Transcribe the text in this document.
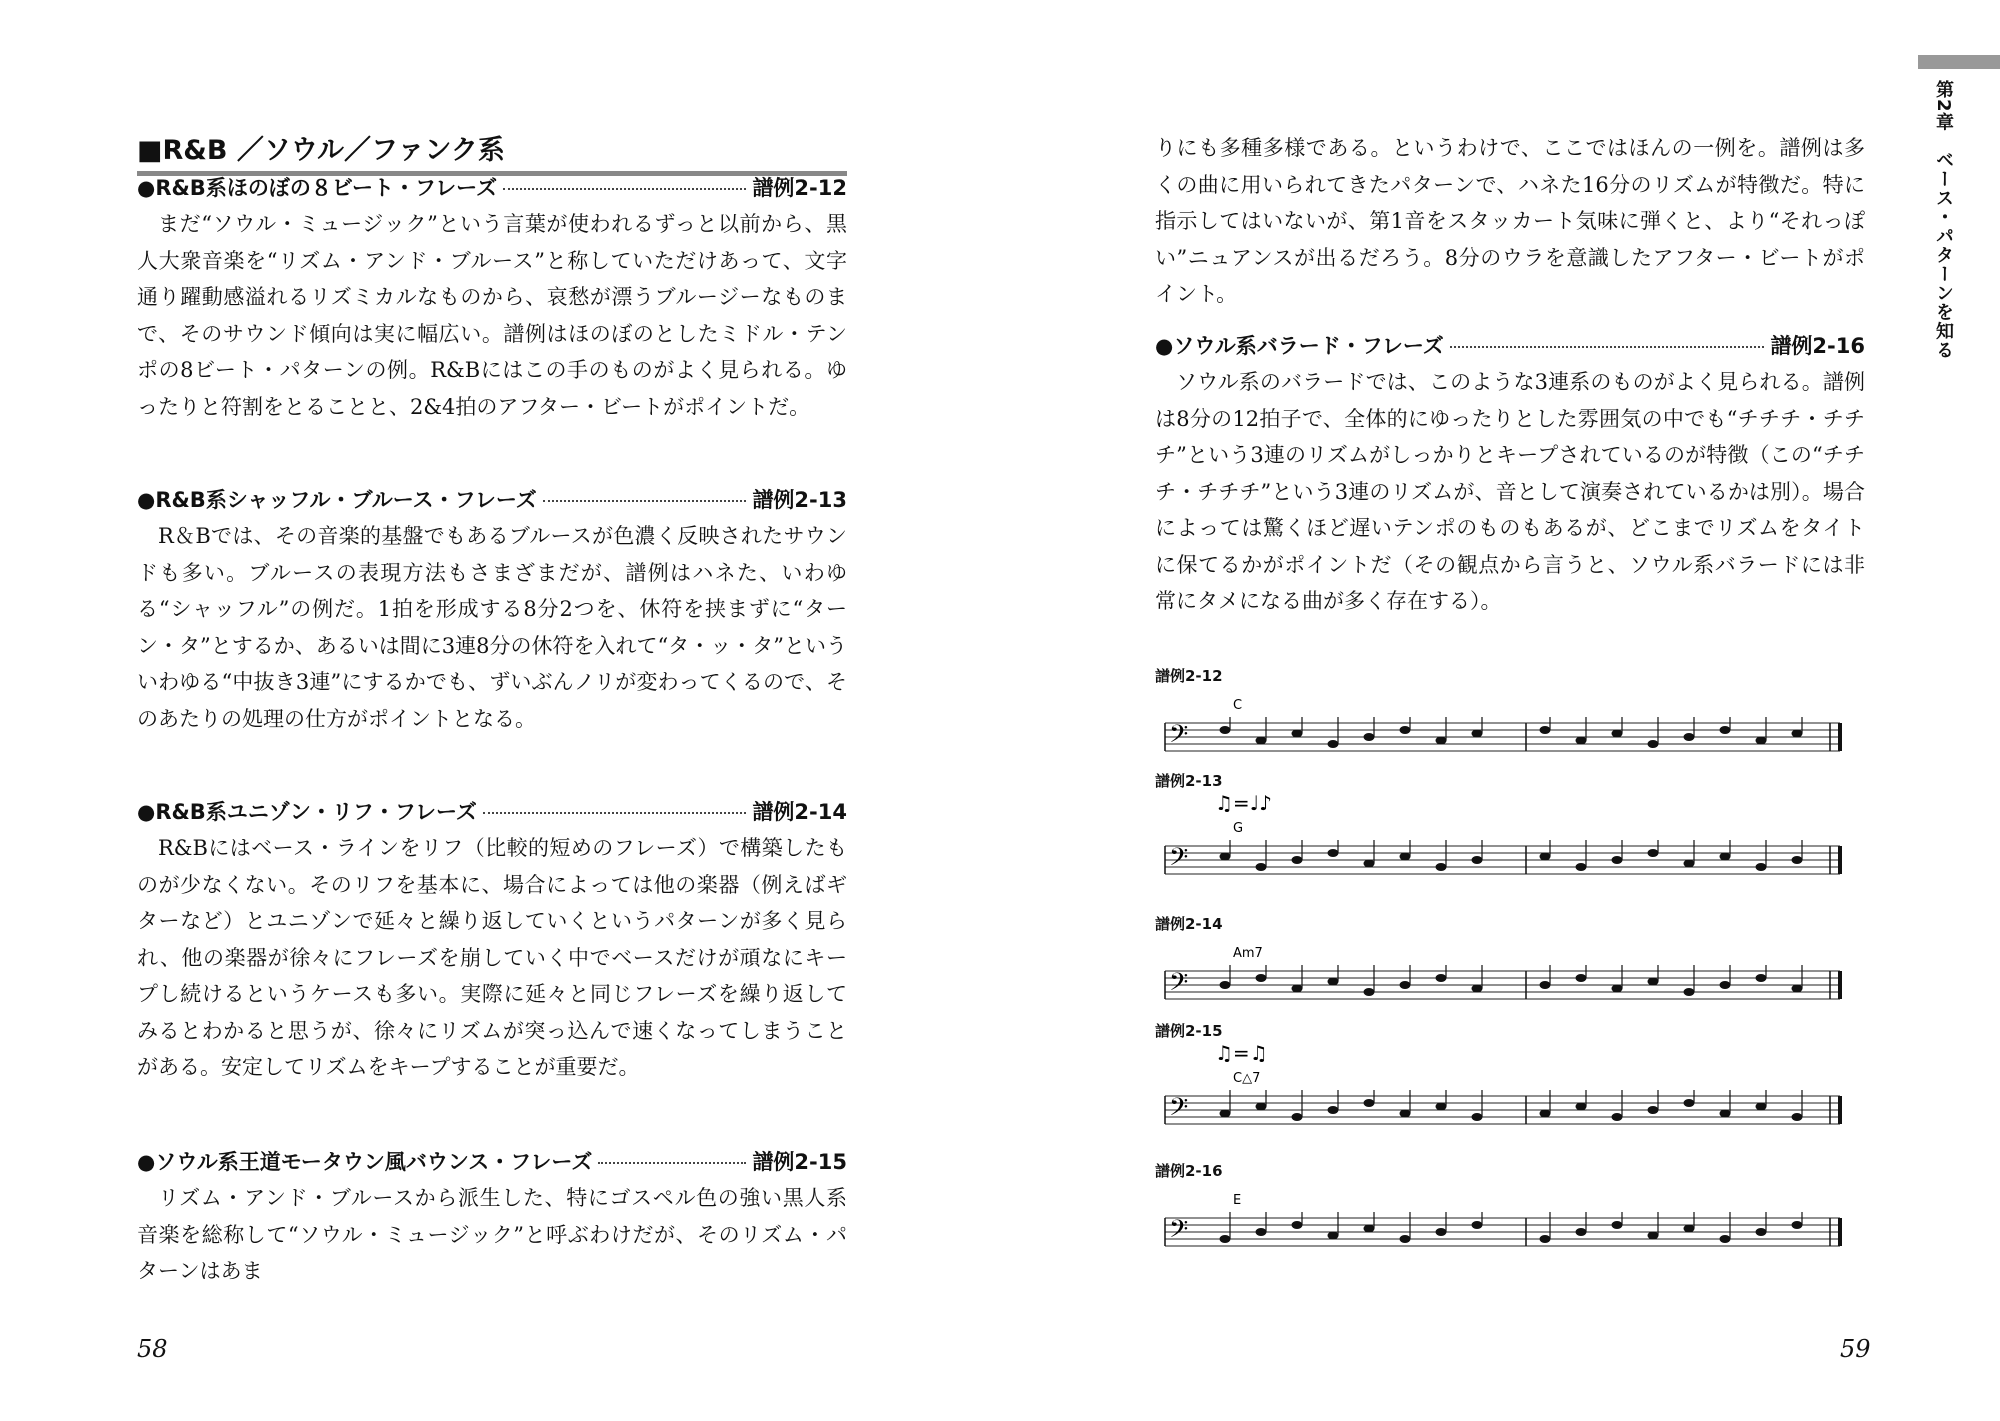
■R&B ／ソウル／ファンク系
●R&B系ほのぼの８ビート・フレーズ	譜例2-12

まだ“ソウル・ミュージック”という言葉が使われるずっと以前から、黒人大衆音楽を“リズム・アンド・ブルース”と称していただけあって、文字通り躍動感溢れるリズミカルなものから、哀愁が漂うブルージーなものまで、そのサウンド傾向は実に幅広い。譜例はほのぼのとしたミドル・テンポの8ビート・パターンの例。R&Bにはこの手のものがよく見られる。ゆったりと符割をとることと、2&4拍のアフター・ビートがポイントだ。

●R&B系シャッフル・ブルース・フレーズ	譜例2-13

R＆Bでは、その音楽的基盤でもあるブルースが色濃く反映されたサウンドも多い。ブルースの表現方法もさまざまだが、譜例はハネた、いわゆる“シャッフル”の例だ。1拍を形成する8分2つを、休符を挟まずに“ターン・タ”とするか、あるいは間に3連8分の休符を入れて“タ・ッ・タ”といういわゆる“中抜き3連”にするかでも、ずいぶんノリが変わってくるので、そのあたりの処理の仕方がポイントとなる。

●R&B系ユニゾン・リフ・フレーズ	譜例2-14

R&Bにはベース・ラインをリフ（比較的短めのフレーズ）で構築したものが少なくない。そのリフを基本に、場合によっては他の楽器（例えばギターなど）とユニゾンで延々と繰り返していくというパターンが多く見られ、他の楽器が徐々にフレーズを崩していく中でベースだけが頑なにキープし続けるというケースも多い。実際に延々と同じフレーズを繰り返してみるとわかると思うが、徐々にリズムが突っ込んで速くなってしまうことがある。安定してリズムをキープすることが重要だ。

●ソウル系王道モータウン風バウンス・フレーズ	譜例2-15

リズム・アンド・ブルースから派生した、特にゴスペル色の強い黒人系音楽を総称して“ソウル・ミュージック”と呼ぶわけだが、そのリズム・パターンはあま

58

りにも多種多様である。というわけで、ここではほんの一例を。譜例は多くの曲に用いられてきたパターンで、ハネた16分のリズムが特徴だ。特に指示してはいないが、第1音をスタッカート気味に弾くと、より“それっぽい”ニュアンスが出るだろう。8分のウラを意識したアフター・ビートがポイント。

●ソウル系バラード・フレーズ	譜例2-16

ソウル系のバラードでは、このような3連系のものがよく見られる。譜例は8分の12拍子で、全体的にゆったりとした雰囲気の中でも“チチチ・チチチ”という3連のリズムがしっかりとキープされているのが特徴（この“チチチ・チチチ”という3連のリズムが、音として演奏されているかは別）。場合によっては驚くほど遅いテンポのものもあるが、どこまでリズムをタイトに保てるかがポイントだ（その観点から言うと、ソウル系バラードには非常にタメになる曲が多く存在する）。

譜例2-12
C
𝄢
譜例2-13
♫=♩♪
G
𝄢
譜例2-14
Am7
𝄢
譜例2-15
♫=♫
C△7
𝄢
譜例2-16
E
𝄢
59
第2章　ベース・パターンを知る
